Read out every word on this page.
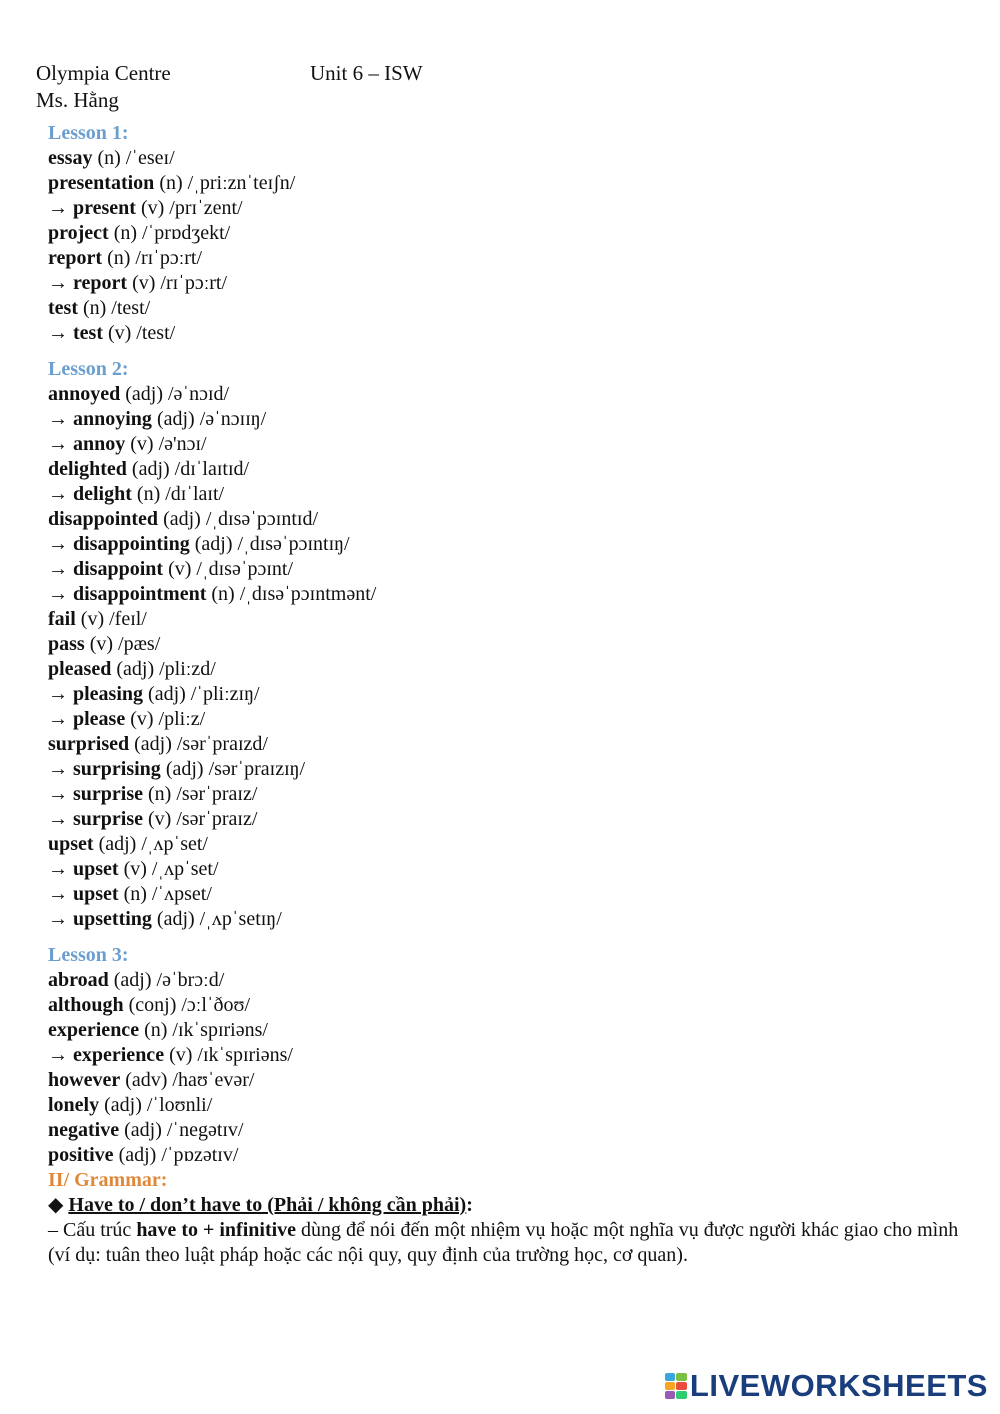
Olympia Centre	Unit 6 – ISW
Ms. Hằng
Lesson 1:
essay (n) /ˈeseɪ/
presentation (n) /ˌpriːznˈteɪʃn/
→ present (v) /prɪˈzent/
project (n) /ˈprɒdʒekt/
report (n) /rɪˈpɔːrt/
→ report (v) /rɪˈpɔːrt/
test (n) /test/
→ test (v) /test/
Lesson 2:
annoyed (adj) /əˈnɔɪd/
→ annoying (adj) /əˈnɔɪɪŋ/
→ annoy (v) /ə'nɔɪ/
delighted (adj) /dɪˈlaɪtɪd/
→ delight (n) /dɪˈlaɪt/
disappointed (adj) /ˌdɪsəˈpɔɪntɪd/
→ disappointing (adj) /ˌdɪsəˈpɔɪntɪŋ/
→ disappoint (v) /ˌdɪsəˈpɔɪnt/
→ disappointment (n) /ˌdɪsəˈpɔɪntmənt/
fail (v) /feɪl/
pass (v) /pæs/
pleased (adj) /pliːzd/
→ pleasing (adj) /ˈpliːzɪŋ/
→ please (v) /pliːz/
surprised (adj) /sərˈpraɪzd/
→ surprising (adj) /sərˈpraɪzɪŋ/
→ surprise (n) /sərˈpraɪz/
→ surprise (v) /sərˈpraɪz/
upset (adj) /ˌʌpˈset/
→ upset (v) /ˌʌpˈset/
→ upset (n) /ˈʌpset/
→ upsetting (adj) /ˌʌpˈsetɪŋ/
Lesson 3:
abroad (adj) /əˈbrɔːd/
although (conj) /ɔːlˈðoʊ/
experience (n) /ɪkˈspɪriəns/
→ experience (v) /ɪkˈspɪriəns/
however (adv) /haʊˈevər/
lonely (adj) /ˈloʊnli/
negative (adj) /ˈnegətɪv/
positive (adj) /ˈpɒzətɪv/
II/ Grammar:
◆ Have to / don’t have to (Phải / không cần phải):
– Cấu trúc have to + infinitive dùng để nói đến một nhiệm vụ hoặc một nghĩa vụ được người khác giao cho mình (ví dụ: tuân theo luật pháp hoặc các nội quy, quy định của trường học, cơ quan).
LIVEWORKSHEETS
